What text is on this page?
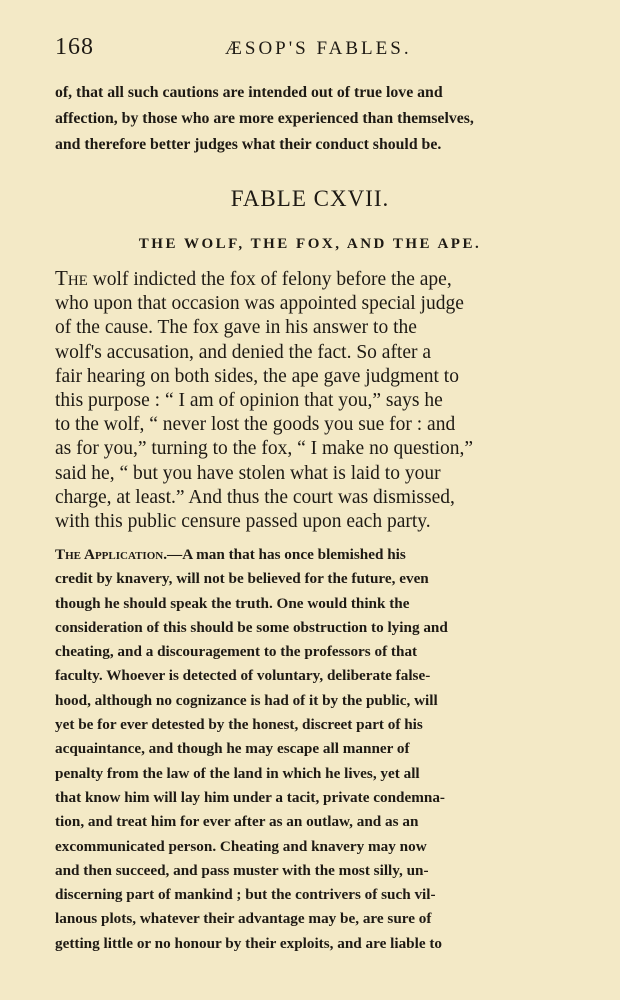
168	ÆSOP'S FABLES.
of, that all such cautions are intended out of true love and
affection, by those who are more experienced than themselves,
and therefore better judges what their conduct should be.
FABLE CXVII.
THE WOLF, THE FOX, AND THE APE.
The wolf indicted the fox of felony before the ape,
who upon that occasion was appointed special judge
of the cause. The fox gave in his answer to the
wolf's accusation, and denied the fact. So after a
fair hearing on both sides, the ape gave judgment to
this purpose : “ I am of opinion that you,” says he
to the wolf, “ never lost the goods you sue for : and
as for you,” turning to the fox, “ I make no question,”
said he, “ but you have stolen what is laid to your
charge, at least.” And thus the court was dismissed,
with this public censure passed upon each party.
The Application.—A man that has once blemished his
credit by knavery, will not be believed for the future, even
though he should speak the truth. One would think the
consideration of this should be some obstruction to lying and
cheating, and a discouragement to the professors of that
faculty. Whoever is detected of voluntary, deliberate false-
hood, although no cognizance is had of it by the public, will
yet be for ever detested by the honest, discreet part of his
acquaintance, and though he may escape all manner of
penalty from the law of the land in which he lives, yet all
that know him will lay him under a tacit, private condemna-
tion, and treat him for ever after as an outlaw, and as an
excommunicated person. Cheating and knavery may now
and then succeed, and pass muster with the most silly, un-
discerning part of mankind ; but the contrivers of such vil-
lanous plots, whatever their advantage may be, are sure of
getting little or no honour by their exploits, and are liable to
